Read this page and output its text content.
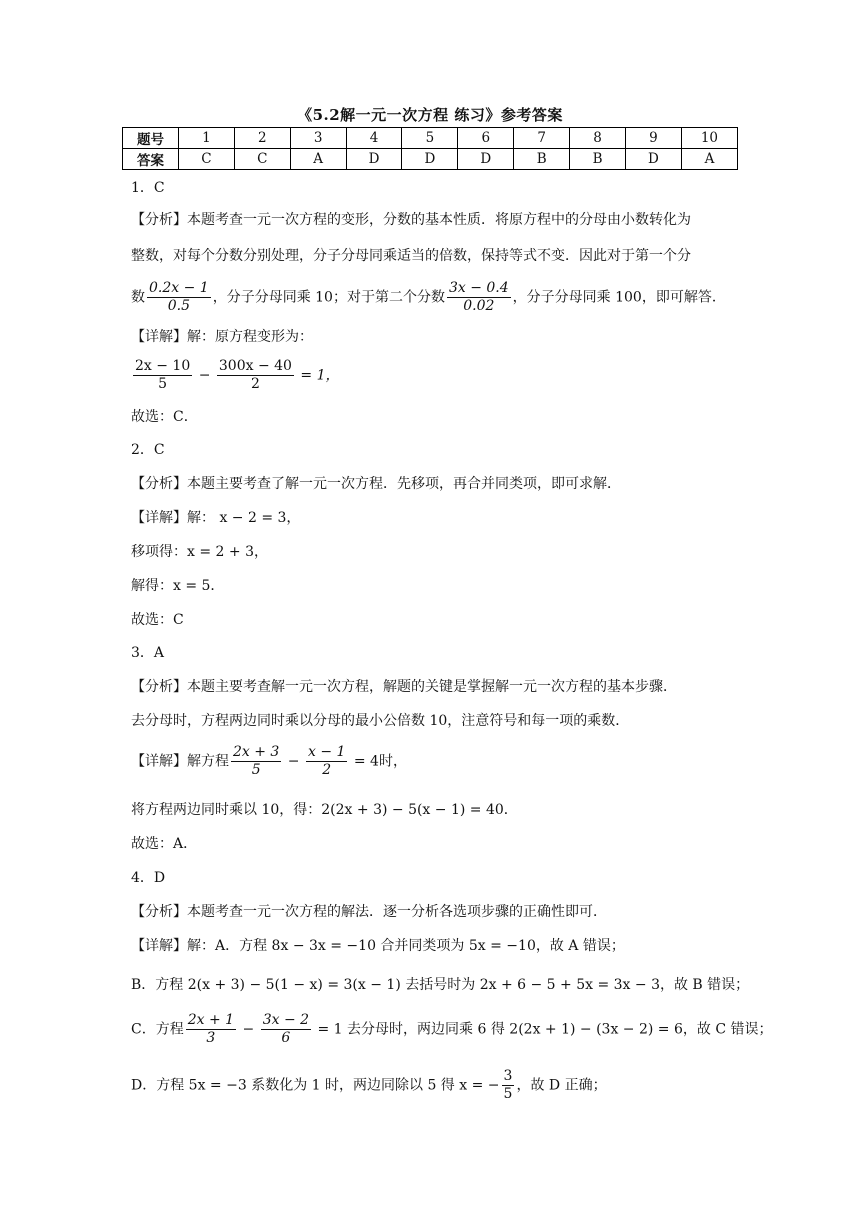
《5.2解一元一次方程 练习》参考答案
题号	1	2	3	4	5	6	7	8	9	10
答案	C	C	A	D	D	D	B	B	D	A
1．C
【分析】本题考查一元一次方程的变形，分数的基本性质．将原方程中的分母由小数转化为
整数，对每个分数分别处理，分子分母同乘适当的倍数，保持等式不变．因此对于第一个分
数 $\frac{0.2x - 1}{0.5}$ ，分子分母同乘 10；对于第二个分数 $\frac{3x - 0.4}{0.02}$ ，分子分母同乘 100，即可解答．
【详解】解：原方程变形为：
$\frac{2x - 10}{5} - \frac{300x - 40}{2} = 1$，
故选：C．
2．C
【分析】本题主要考查了解一元一次方程．先移项，再合并同类项，即可求解．
【详解】解： x − 2 = 3，
移项得：x = 2 + 3，
解得：x = 5．
故选：C
3．A
【分析】本题主要考查解一元一次方程，解题的关键是掌握解一元一次方程的基本步骤．
去分母时，方程两边同时乘以分母的最小公倍数 10，注意符号和每一项的乘数．
【详解】解方程 $\frac{2x + 3}{5} - \frac{x - 1}{2} = 4$时，
将方程两边同时乘以 10，得：2(2x + 3) − 5(x − 1) = 40．
故选：A．
4．D
【分析】本题考查一元一次方程的解法．逐一分析各选项步骤的正确性即可．
【详解】解：A．方程 8x − 3x = −10 合并同类项为 5x = −10，故 A 错误；
B．方程 2(x + 3) − 5(1 − x) = 3(x − 1) 去括号时为 2x + 6 − 5 + 5x = 3x − 3，故 B 错误；
C．方程 $\frac{2x + 1}{3} - \frac{3x - 2}{6} = 1$ 去分母时，两边同乘 6 得 2(2x + 1) − (3x − 2) = 6，故 C 错误；
D．方程 5x = −3 系数化为 1 时，两边同除以 5 得 x = − $\frac{3}{5}$ ，故 D 正确；
